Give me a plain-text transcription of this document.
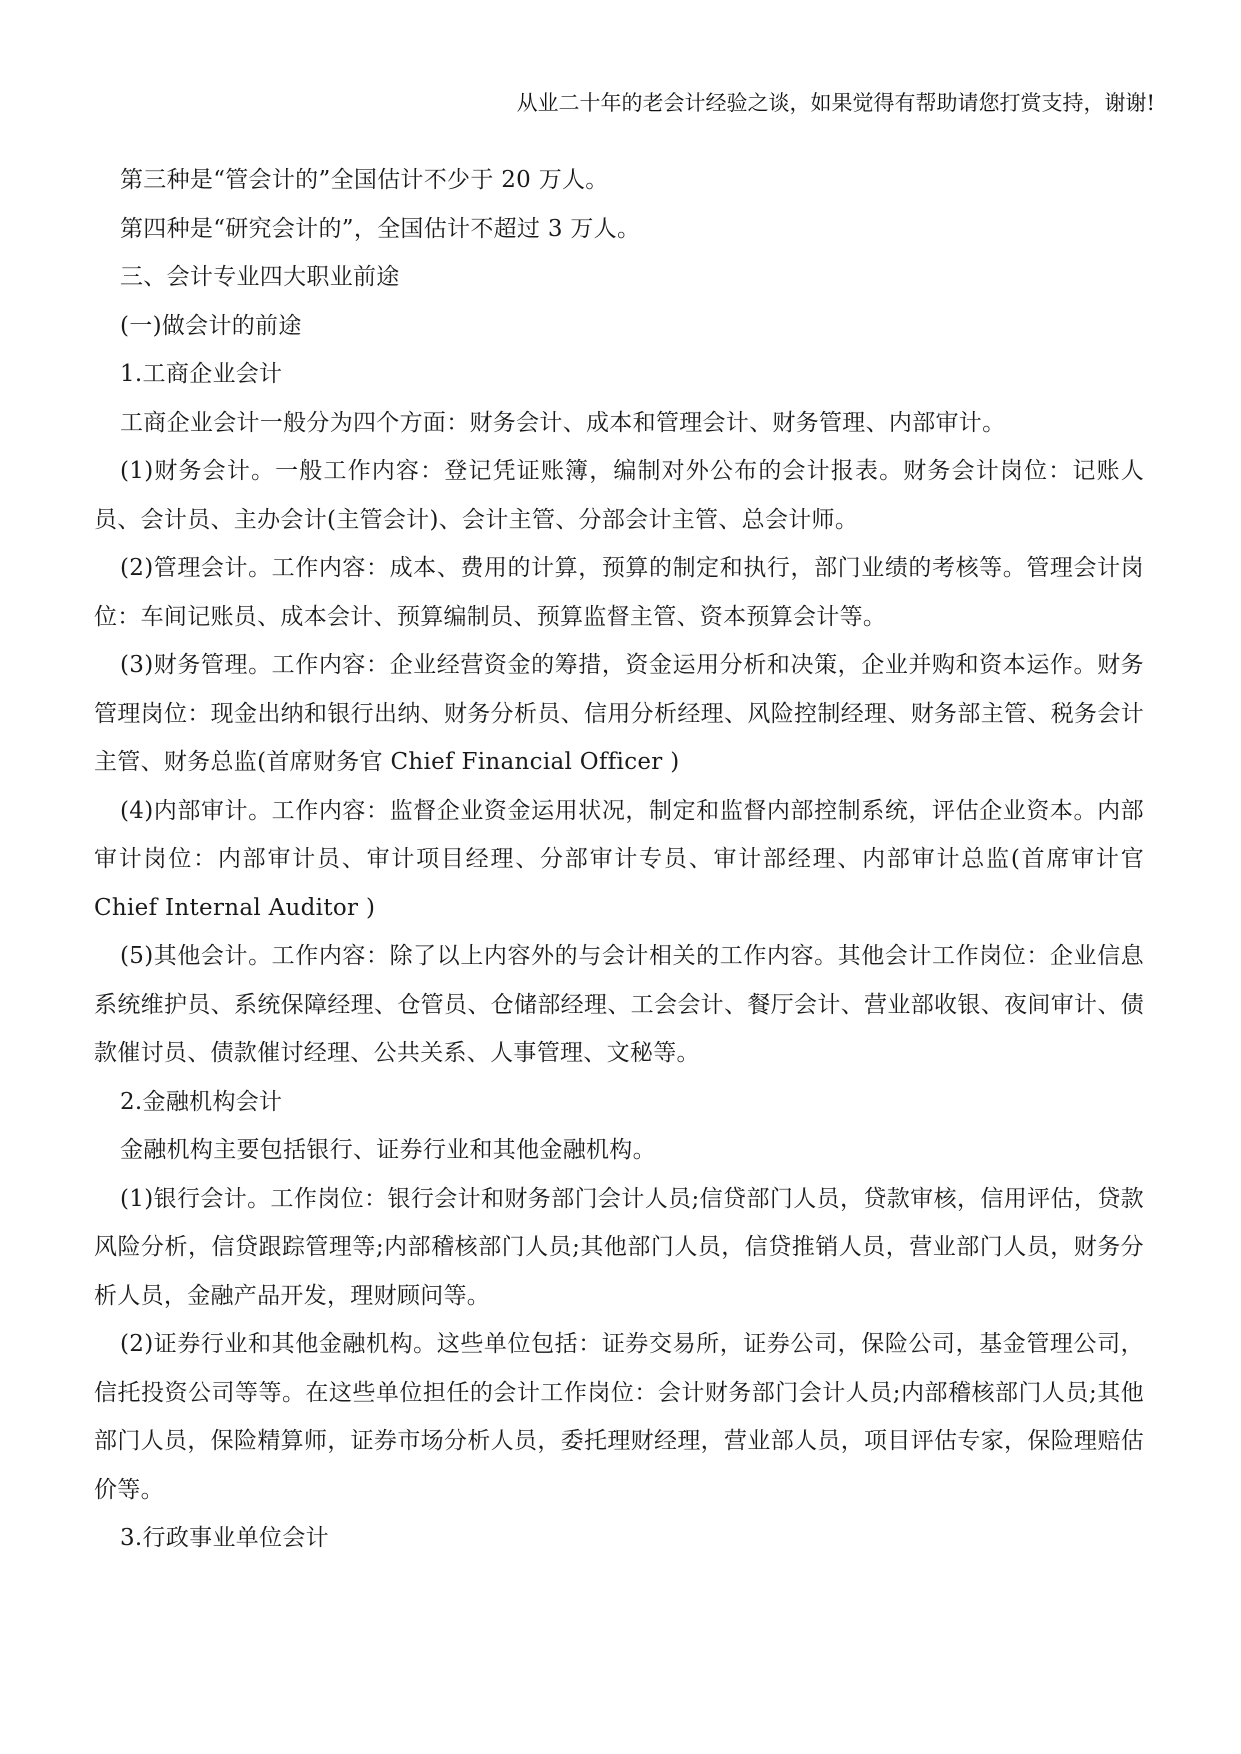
从业二十年的老会计经验之谈，如果觉得有帮助请您打赏支持，谢谢!

第三种是“管会计的”全国估计不少于 20 万人。

第四种是“研究会计的”，全国估计不超过 3 万人。

三、会计专业四大职业前途

(一)做会计的前途

1.工商企业会计

工商企业会计一般分为四个方面：财务会计、成本和管理会计、财务管理、内部审计。

(1)财务会计。一般工作内容：登记凭证账簿，编制对外公布的会计报表。财务会计岗位：记账人员、会计员、主办会计(主管会计)、会计主管、分部会计主管、总会计师。

(2)管理会计。工作内容：成本、费用的计算，预算的制定和执行，部门业绩的考核等。管理会计岗位：车间记账员、成本会计、预算编制员、预算监督主管、资本预算会计等。

(3)财务管理。工作内容：企业经营资金的筹措，资金运用分析和决策，企业并购和资本运作。财务管理岗位：现金出纳和银行出纳、财务分析员、信用分析经理、风险控制经理、财务部主管、税务会计主管、财务总监(首席财务官 Chief Financial Officer )

(4)内部审计。工作内容：监督企业资金运用状况，制定和监督内部控制系统，评估企业资本。内部审计岗位：内部审计员、审计项目经理、分部审计专员、审计部经理、内部审计总监(首席审计官 Chief Internal Auditor )

(5)其他会计。工作内容：除了以上内容外的与会计相关的工作内容。其他会计工作岗位：企业信息系统维护员、系统保障经理、仓管员、仓储部经理、工会会计、餐厅会计、营业部收银、夜间审计、债款催讨员、债款催讨经理、公共关系、人事管理、文秘等。

2.金融机构会计

金融机构主要包括银行、证券行业和其他金融机构。

(1)银行会计。工作岗位：银行会计和财务部门会计人员;信贷部门人员，贷款审核，信用评估，贷款风险分析，信贷跟踪管理等;内部稽核部门人员;其他部门人员，信贷推销人员，营业部门人员，财务分析人员，金融产品开发，理财顾问等。

(2)证券行业和其他金融机构。这些单位包括：证券交易所，证券公司，保险公司，基金管理公司，信托投资公司等等。在这些单位担任的会计工作岗位：会计财务部门会计人员;内部稽核部门人员;其他部门人员，保险精算师，证券市场分析人员，委托理财经理，营业部人员，项目评估专家，保险理赔估价等。

3.行政事业单位会计
